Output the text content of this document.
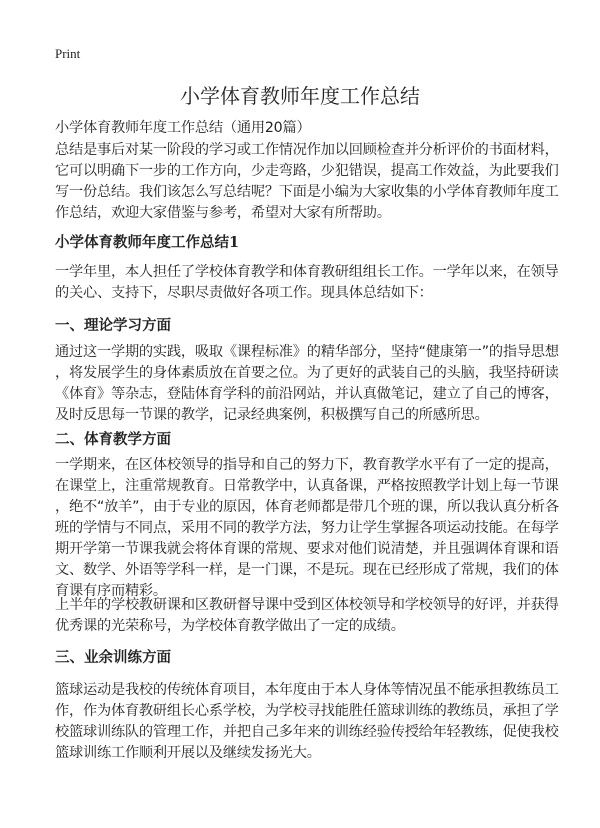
Print
小学体育教师年度工作总结
小学体育教师年度工作总结（通用20篇）
总结是事后对某一阶段的学习或工作情况作加以回顾检查并分析评价的书面材料，
它可以明确下一步的工作方向，少走弯路，少犯错误，提高工作效益，为此要我们
写一份总结。我们该怎么写总结呢？下面是小编为大家收集的小学体育教师年度工
作总结，欢迎大家借鉴与参考，希望对大家有所帮助。
小学体育教师年度工作总结1
一学年里，本人担任了学校体育教学和体育教研组组长工作。一学年以来，在领导
的关心、支持下，尽职尽责做好各项工作。现具体总结如下：
一、理论学习方面
通过这一学期的实践，吸取《课程标准》的精华部分，坚持“健康第一”的指导思想
，将发展学生的身体素质放在首要之位。为了更好的武装自己的头脑，我坚持研读
《体育》等杂志，登陆体育学科的前沿网站，并认真做笔记，建立了自己的博客，
及时反思每一节课的教学，记录经典案例，积极撰写自己的所感所思。
二、体育教学方面
一学期来，在区体校领导的指导和自己的努力下，教育教学水平有了一定的提高，
在课堂上，注重常规教育。日常教学中，认真备课，严格按照教学计划上每一节课
，绝不“放羊”，由于专业的原因，体育老师都是带几个班的课，所以我认真分析各
班的学情与不同点，采用不同的教学方法，努力让学生掌握各项运动技能。在每学
期开学第一节课我就会将体育课的常规、要求对他们说清楚，并且强调体育课和语
文、数学、外语等学科一样，是一门课，不是玩。现在已经形成了常规，我们的体
育课有序而精彩。
上半年的学校教研课和区教研督导课中受到区体校领导和学校领导的好评，并获得
优秀课的光荣称号，为学校体育教学做出了一定的成绩。
三、业余训练方面
篮球运动是我校的传统体育项目，本年度由于本人身体等情况虽不能承担教练员工
作，作为体育教研组长心系学校，为学校寻找能胜任篮球训练的教练员，承担了学
校篮球训练队的管理工作，并把自己多年来的训练经验传授给年轻教练，促使我校
篮球训练工作顺利开展以及继续发扬光大。
